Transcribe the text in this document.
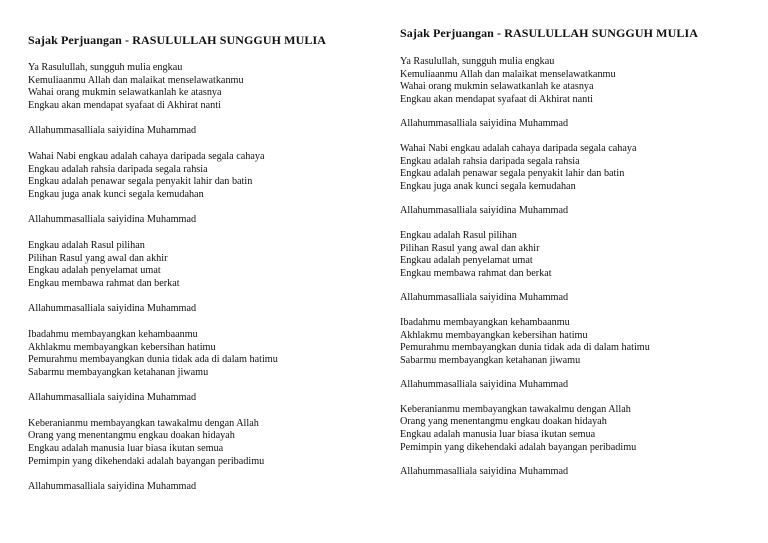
Sajak Perjuangan - RASULULLAH SUNGGUH MULIA
Ya Rasulullah, sungguh mulia engkau
Kemuliaanmu Allah dan malaikat menselawatkanmu
Wahai orang mukmin selawatkanlah ke atasnya
Engkau akan mendapat syafaat di Akhirat nanti
Allahummasalliala saiyidina Muhammad
Wahai Nabi engkau adalah cahaya daripada segala cahaya
Engkau adalah rahsia daripada segala rahsia
Engkau adalah penawar segala penyakit lahir dan batin
Engkau juga anak kunci segala kemudahan
Allahummasalliala saiyidina Muhammad
Engkau adalah Rasul pilihan
Pilihan Rasul yang awal dan akhir
Engkau adalah penyelamat umat
Engkau membawa rahmat dan berkat
Allahummasalliala saiyidina Muhammad
Ibadahmu membayangkan kehambaanmu
Akhlakmu membayangkan kebersihan hatimu
Pemurahmu membayangkan dunia tidak ada di dalam hatimu
Sabarmu membayangkan ketahanan jiwamu
Allahummasalliala saiyidina Muhammad
Keberanianmu membayangkan tawakalmu dengan Allah
Orang yang menentangmu engkau doakan hidayah
Engkau adalah manusia luar biasa ikutan semua
Pemimpin yang dikehendaki adalah bayangan peribadimu
Allahummasalliala saiyidina Muhammad
Sajak Perjuangan - RASULULLAH SUNGGUH MULIA
Ya Rasulullah, sungguh mulia engkau
Kemuliaanmu Allah dan malaikat menselawatkanmu
Wahai orang mukmin selawatkanlah ke atasnya
Engkau akan mendapat syafaat di Akhirat nanti
Allahummasalliala saiyidina Muhammad
Wahai Nabi engkau adalah cahaya daripada segala cahaya
Engkau adalah rahsia daripada segala rahsia
Engkau adalah penawar segala penyakit lahir dan batin
Engkau juga anak kunci segala kemudahan
Allahummasalliala saiyidina Muhammad
Engkau adalah Rasul pilihan
Pilihan Rasul yang awal dan akhir
Engkau adalah penyelamat umat
Engkau membawa rahmat dan berkat
Allahummasalliala saiyidina Muhammad
Ibadahmu membayangkan kehambaanmu
Akhlakmu membayangkan kebersihan hatimu
Pemurahmu membayangkan dunia tidak ada di dalam hatimu
Sabarmu membayangkan ketahanan jiwamu
Allahummasalliala saiyidina Muhammad
Keberanianmu membayangkan tawakalmu dengan Allah
Orang yang menentangmu engkau doakan hidayah
Engkau adalah manusia luar biasa ikutan semua
Pemimpin yang dikehendaki adalah bayangan peribadimu
Allahummasalliala saiyidina Muhammad
